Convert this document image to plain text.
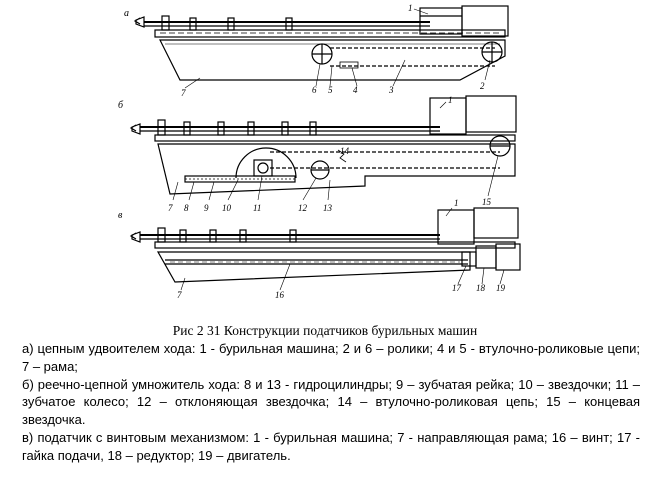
а	1
2
3
4
5
6
7
б	1
7 8 9 10 11	12 13
14
15
в
1
7	16
17 18 19
Рис 2 31 Конструкции податчиков бурильных машин

а) цепным удвоителем хода: 1 - бурильная машина; 2 и 6 – ролики; 4 и 5 - втулочно-роликовые цепи; 7 – рама;

б) реечно-цепной умножитель хода: 8 и 13 - гидроцилиндры; 9 – зубчатая рейка; 10 – звездочки; 11 – зубчатое колесо; 12 – отклоняющая звездочка; 14 – втулочно-роликовая цепь; 15 – концевая звездочка.

в) податчик с винтовым механизмом: 1 - бурильная машина; 7 - направляющая рама; 16 – винт; 17 - гайка подачи, 18 – редуктор; 19 – двигатель.
